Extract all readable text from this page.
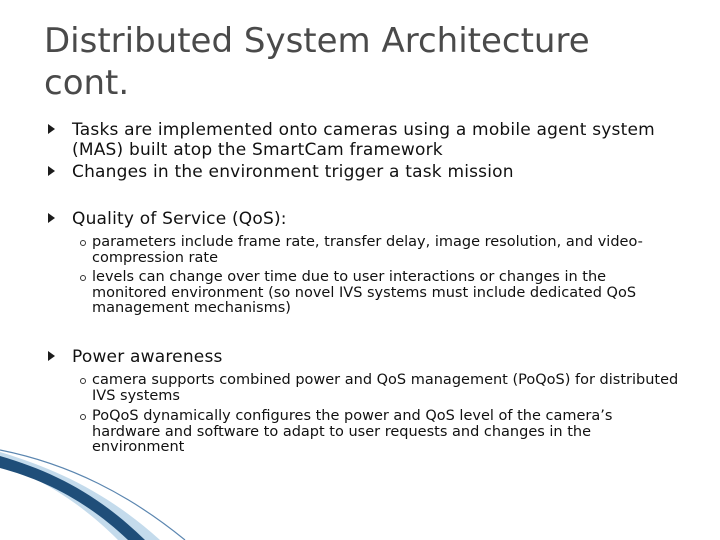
Distributed System Architecture cont.
Tasks are implemented onto cameras using a mobile agent system (MAS) built atop the SmartCam framework
Changes in the environment trigger a task mission
Quality of Service (QoS):
parameters include frame rate, transfer delay, image resolution, and video-compression rate
levels can change over time due to user interactions or changes in the monitored environment (so novel IVS systems must include dedicated QoS management mechanisms)
Power awareness
camera supports combined power and QoS management (PoQoS) for distributed IVS systems
PoQoS dynamically configures the power and QoS level of the camera’s hardware and software to adapt to user requests and changes in the environment
